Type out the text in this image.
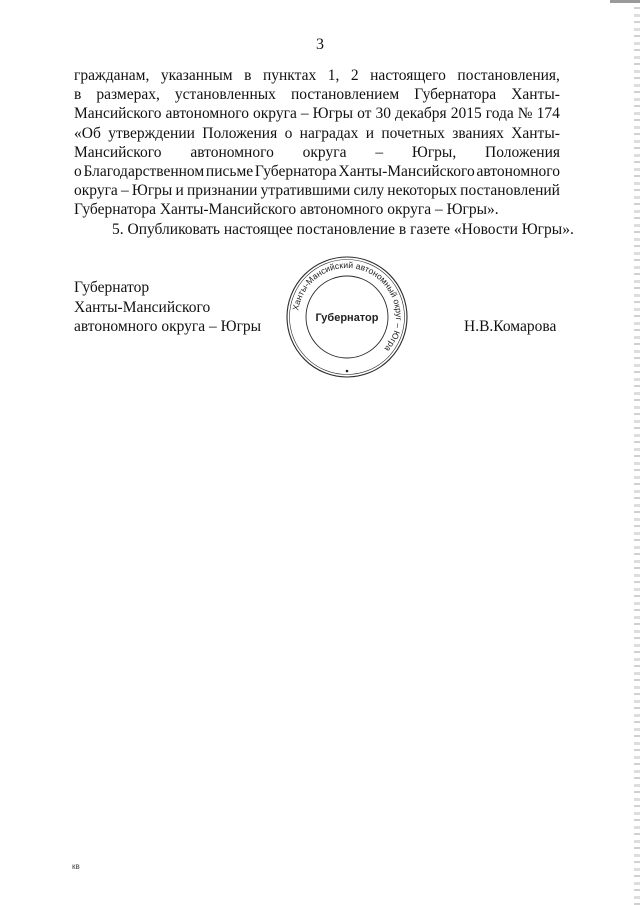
3
гражданам, указанным в пунктах 1, 2 настоящего постановления,
в размерах, установленных постановлением Губернатора Ханты-
Мансийского автономного округа – Югры от 30 декабря 2015 года № 174
«Об утверждении Положения о наградах и почетных званиях Ханты-
Мансийского автономного округа – Югры, Положения
о Благодарственном письме Губернатора Ханты-Мансийского автономного
округа – Югры и признании утратившими силу некоторых постановлений
Губернатора Ханты-Мансийского автономного округа – Югры».
5. Опубликовать настоящее постановление в газете «Новости Югры».
Губернатор
Ханты-Мансийского
автономного округа – Югры
Ханты-Мансийский автономный округ – Югра
Губернатор	Н.В.Комарова
кв
